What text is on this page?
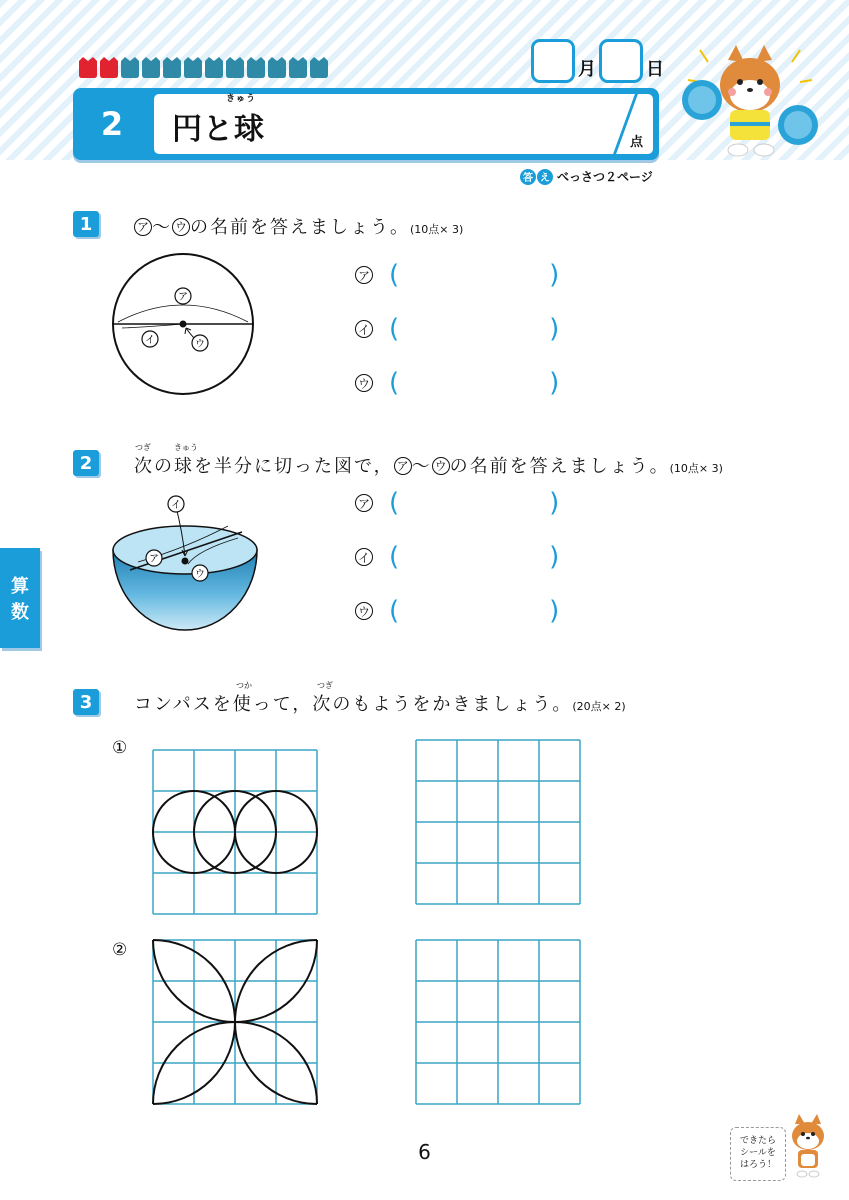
月	日
2
きゅう
円と球	点
答 え べっさつ２ページ
算
数
1	ア ～ ウ の名前を答えましょう。(10点× 3)
ア
イ	ウ
ア (	)
イ (	)
ウ (	)
2
つぎ	きゅう
次の球を半分に切った図で， ア ～ ウ の名前を答えましょう。(10点× 3)
イ
ア
ウ
ア (	)
イ (	)
ウ (	)
3
つか	つぎ
コンパスを使って，次のもようをかきましょう。(20点× 2)
①
②
6	できたら
シールを
はろう！
